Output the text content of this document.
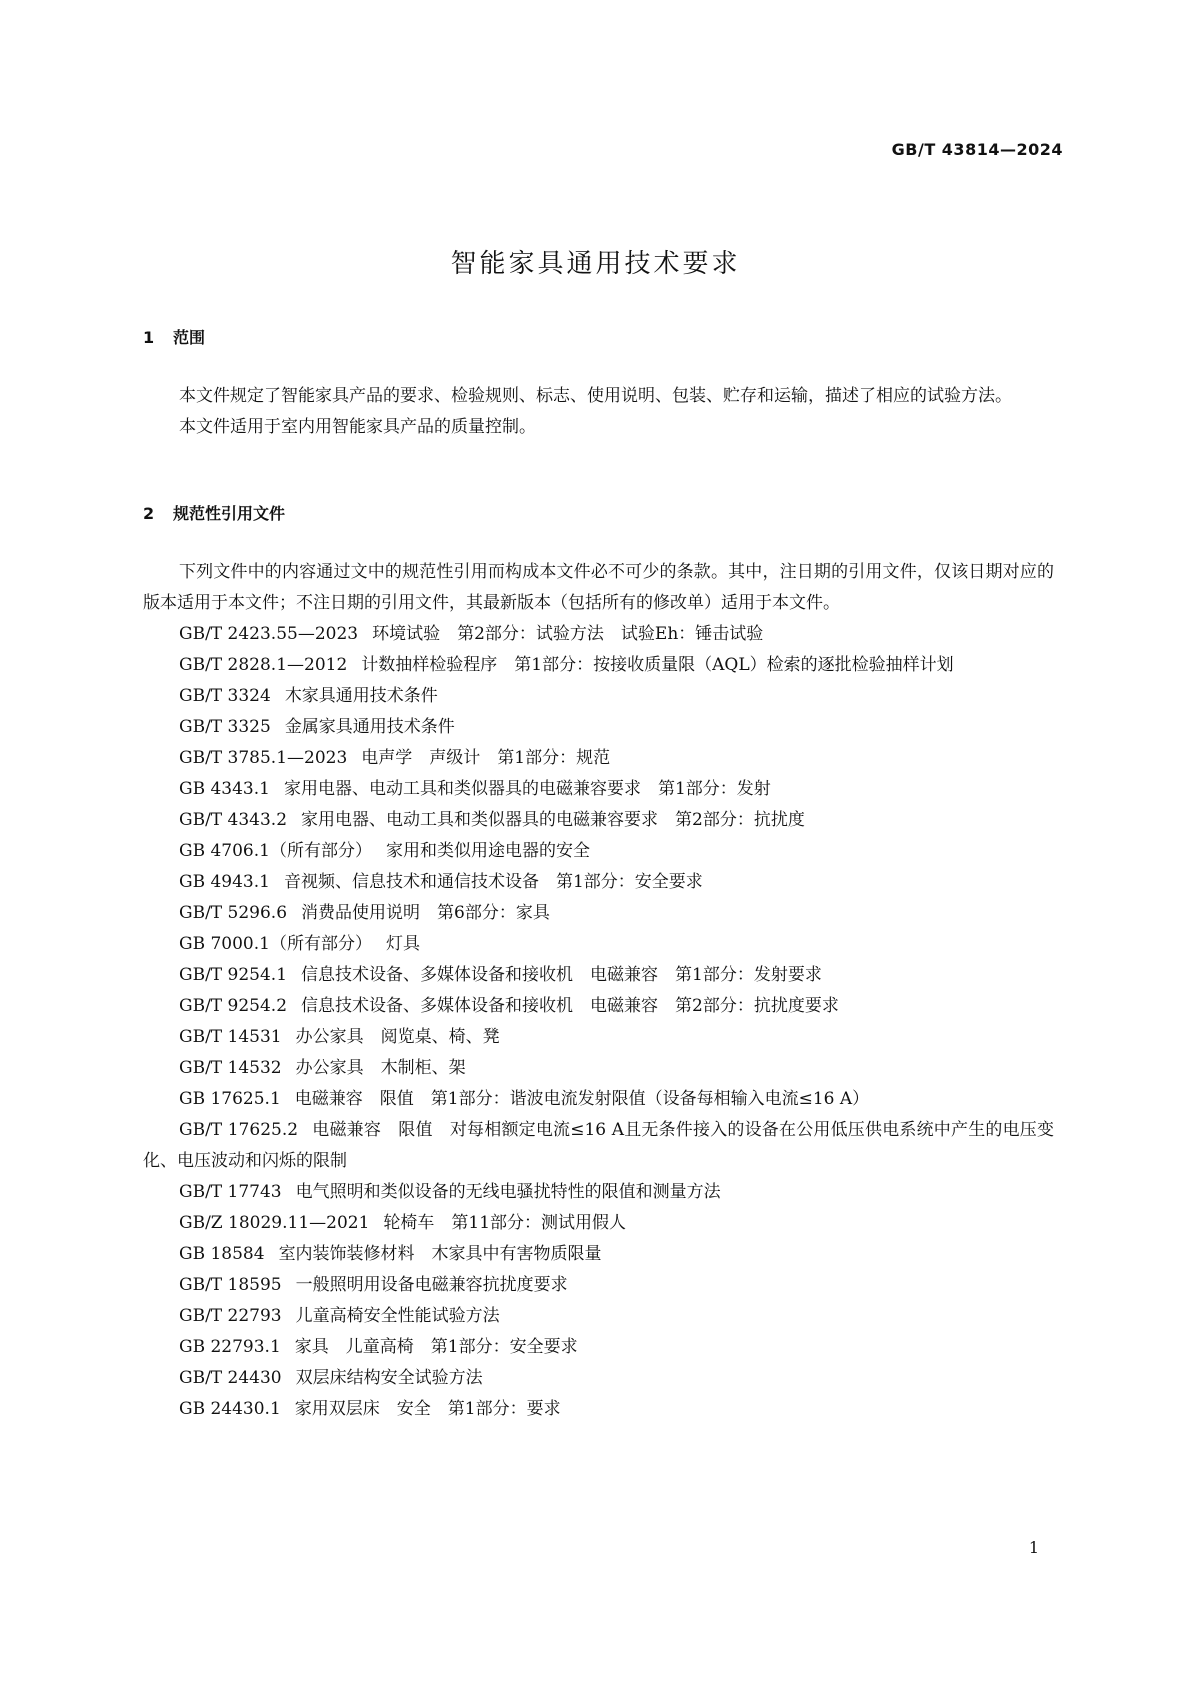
GB/T 43814—2024
智能家具通用技术要求
1 范围

本文件规定了智能家具产品的要求、检验规则、标志、使用说明、包装、贮存和运输，描述了相应的试验方法。

本文件适用于室内用智能家具产品的质量控制。

2 规范性引用文件

下列文件中的内容通过文中的规范性引用而构成本文件必不可少的条款。其中，注日期的引用文件，仅该日期对应的版本适用于本文件；不注日期的引用文件，其最新版本（包括所有的修改单）适用于本文件。

GB/T 2423.55—2023 环境试验　第2部分：试验方法　试验Eh：锤击试验

GB/T 2828.1—2012 计数抽样检验程序　第1部分：按接收质量限（AQL）检索的逐批检验抽样计划

GB/T 3324 木家具通用技术条件

GB/T 3325 金属家具通用技术条件

GB/T 3785.1—2023 电声学　声级计　第1部分：规范

GB 4343.1 家用电器、电动工具和类似器具的电磁兼容要求　第1部分：发射

GB/T 4343.2 家用电器、电动工具和类似器具的电磁兼容要求　第2部分：抗扰度

GB 4706.1（所有部分） 家用和类似用途电器的安全

GB 4943.1 音视频、信息技术和通信技术设备　第1部分：安全要求

GB/T 5296.6 消费品使用说明　第6部分：家具

GB 7000.1（所有部分） 灯具

GB/T 9254.1 信息技术设备、多媒体设备和接收机　电磁兼容　第1部分：发射要求

GB/T 9254.2 信息技术设备、多媒体设备和接收机　电磁兼容　第2部分：抗扰度要求

GB/T 14531 办公家具　阅览桌、椅、凳

GB/T 14532 办公家具　木制柜、架

GB 17625.1 电磁兼容　限值　第1部分：谐波电流发射限值（设备每相输入电流≤16 A）

GB/T 17625.2 电磁兼容　限值　对每相额定电流≤16 A且无条件接入的设备在公用低压供电系统中产生的电压变化、电压波动和闪烁的限制

GB/T 17743 电气照明和类似设备的无线电骚扰特性的限值和测量方法

GB/Z 18029.11—2021 轮椅车　第11部分：测试用假人

GB 18584 室内装饰装修材料　木家具中有害物质限量

GB/T 18595 一般照明用设备电磁兼容抗扰度要求

GB/T 22793 儿童高椅安全性能试验方法

GB 22793.1 家具　儿童高椅　第1部分：安全要求

GB/T 24430 双层床结构安全试验方法

GB 24430.1 家用双层床　安全　第1部分：要求

1
